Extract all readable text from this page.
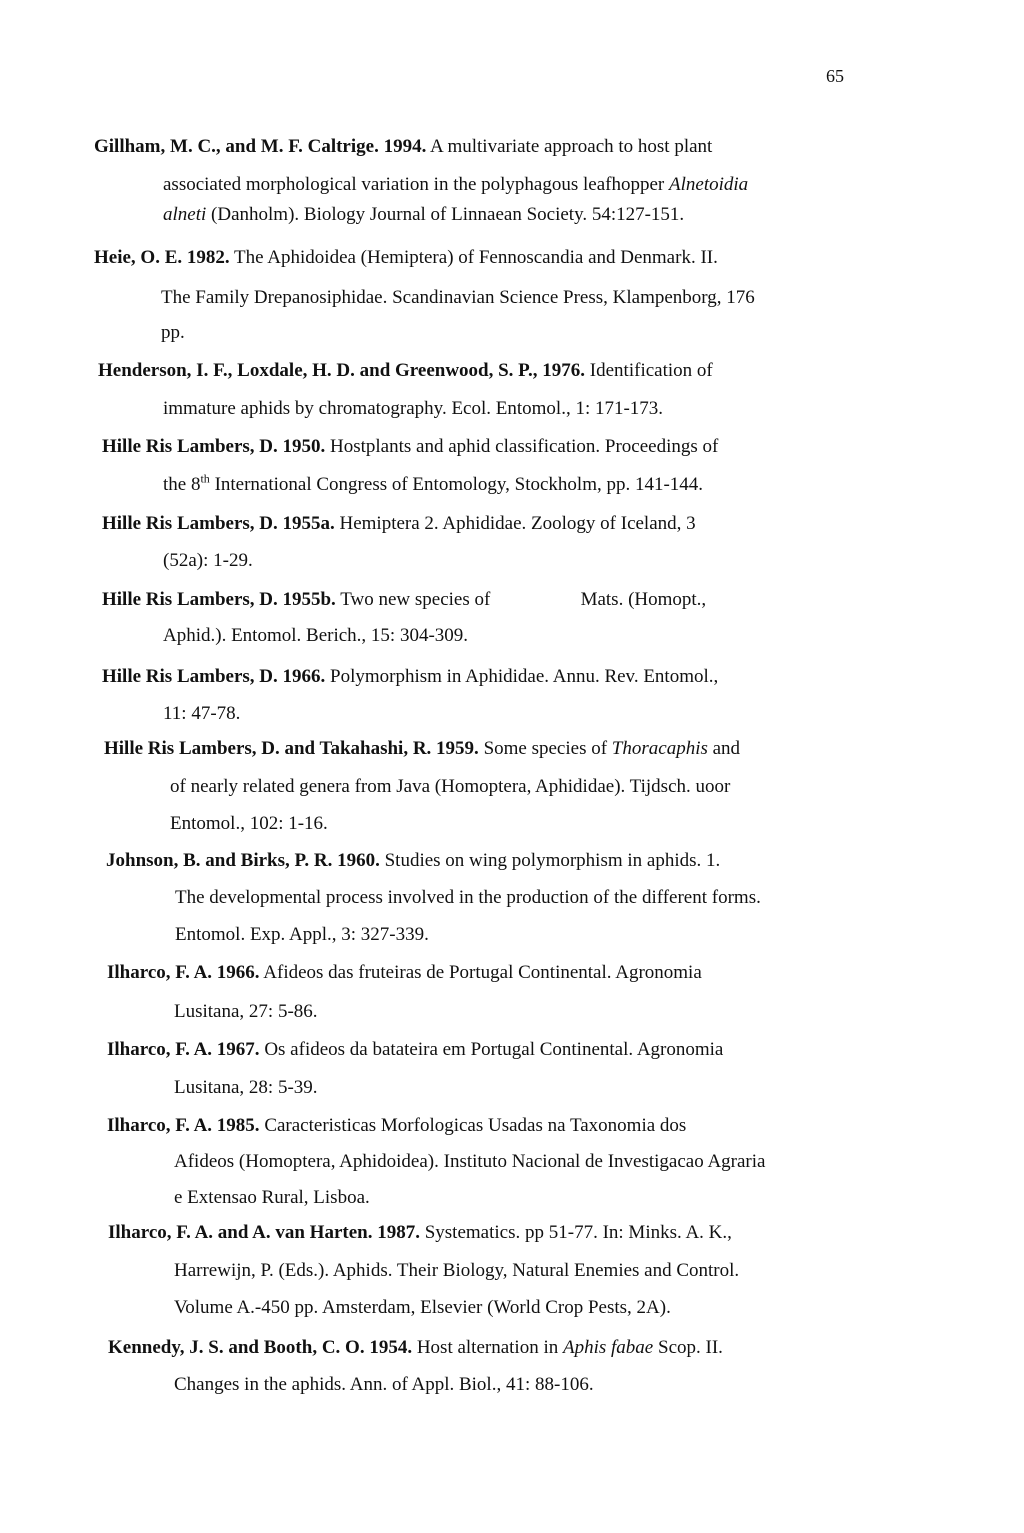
65
Gillham, M. C., and M. F. Caltrige. 1994. A multivariate approach to host plant
associated morphological variation in the polyphagous leafhopper Alnetoidia
alneti (Danholm). Biology Journal of Linnaean Society. 54:127-151.
Heie, O. E. 1982. The Aphidoidea (Hemiptera) of Fennoscandia and Denmark. II.
The Family Drepanosiphidae. Scandinavian Science Press, Klampenborg, 176
pp.
Henderson, I. F., Loxdale, H. D. and Greenwood, S. P., 1976. Identification of
immature aphids by chromatography. Ecol. Entomol., 1: 171-173.
Hille Ris Lambers, D. 1950. Hostplants and aphid classification. Proceedings of
the 8th International Congress of Entomology, Stockholm, pp. 141-144.
Hille Ris Lambers, D. 1955a. Hemiptera 2. Aphididae. Zoology of Iceland, 3
(52a): 1-29.
Hille Ris Lambers, D. 1955b. Two new species of	Mats. (Homopt.,
Aphid.). Entomol. Berich., 15: 304-309.
Hille Ris Lambers, D. 1966. Polymorphism in Aphididae. Annu. Rev. Entomol.,
11: 47-78.
Hille Ris Lambers, D. and Takahashi, R. 1959. Some species of Thoracaphis and
of nearly related genera from Java (Homoptera, Aphididae). Tijdsch. uoor
Entomol., 102: 1-16.
Johnson, B. and Birks, P. R. 1960. Studies on wing polymorphism in aphids. 1.
The developmental process involved in the production of the different forms.
Entomol. Exp. Appl., 3: 327-339.
Ilharco, F. A. 1966. Afideos das fruteiras de Portugal Continental. Agronomia
Lusitana, 27: 5-86.
Ilharco, F. A. 1967. Os afideos da batateira em Portugal Continental. Agronomia
Lusitana, 28: 5-39.
Ilharco, F. A. 1985. Caracteristicas Morfologicas Usadas na Taxonomia dos
Afideos (Homoptera, Aphidoidea). Instituto Nacional de Investigacao Agraria
e Extensao Rural, Lisboa.
Ilharco, F. A. and A. van Harten. 1987. Systematics. pp 51-77. In: Minks. A. K.,
Harrewijn, P. (Eds.). Aphids. Their Biology, Natural Enemies and Control.
Volume A.-450 pp. Amsterdam, Elsevier (World Crop Pests, 2A).
Kennedy, J. S. and Booth, C. O. 1954. Host alternation in Aphis fabae Scop. II.
Changes in the aphids. Ann. of Appl. Biol., 41: 88-106.
